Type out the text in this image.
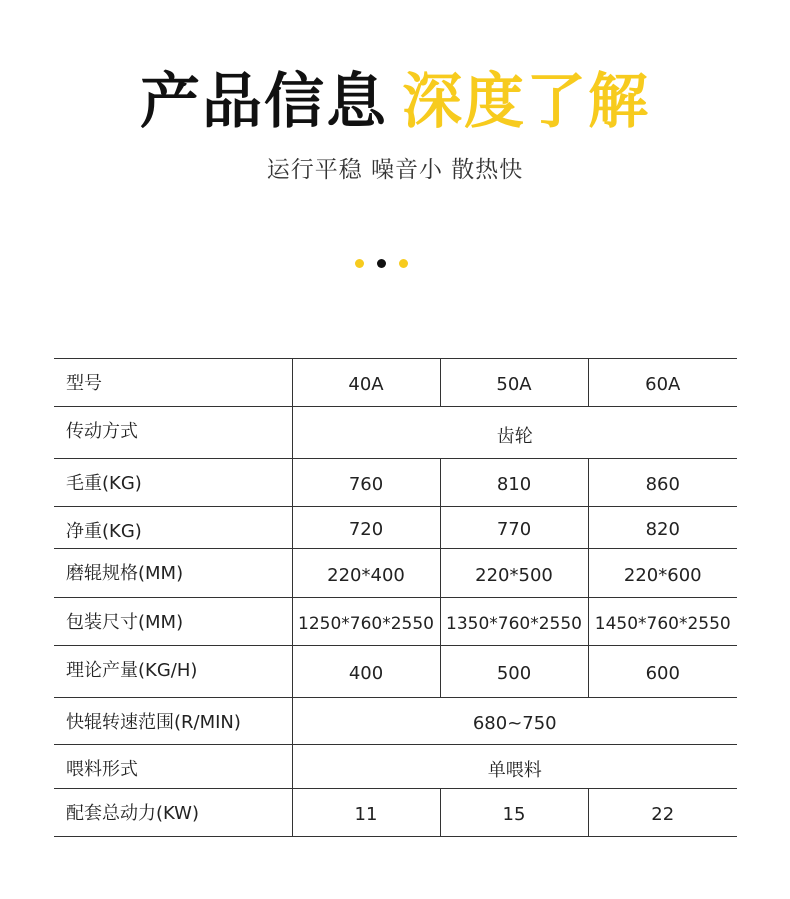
产品信息 深度了解
运行平稳 噪音小 散热快
型号	40A	50A	60A
传动方式	齿轮		
毛重(KG)	760	810	860
净重(KG)	720	770	820
磨辊规格(MM)	220*400	220*500	220*600
包装尺寸(MM)	1250*760*2550	1350*760*2550	1450*760*2550
理论产量(KG/H)	400	500	600
快辊转速范围(R/MIN)	680~750		
喂料形式	单喂料		
配套总动力(KW)	11	15	22
